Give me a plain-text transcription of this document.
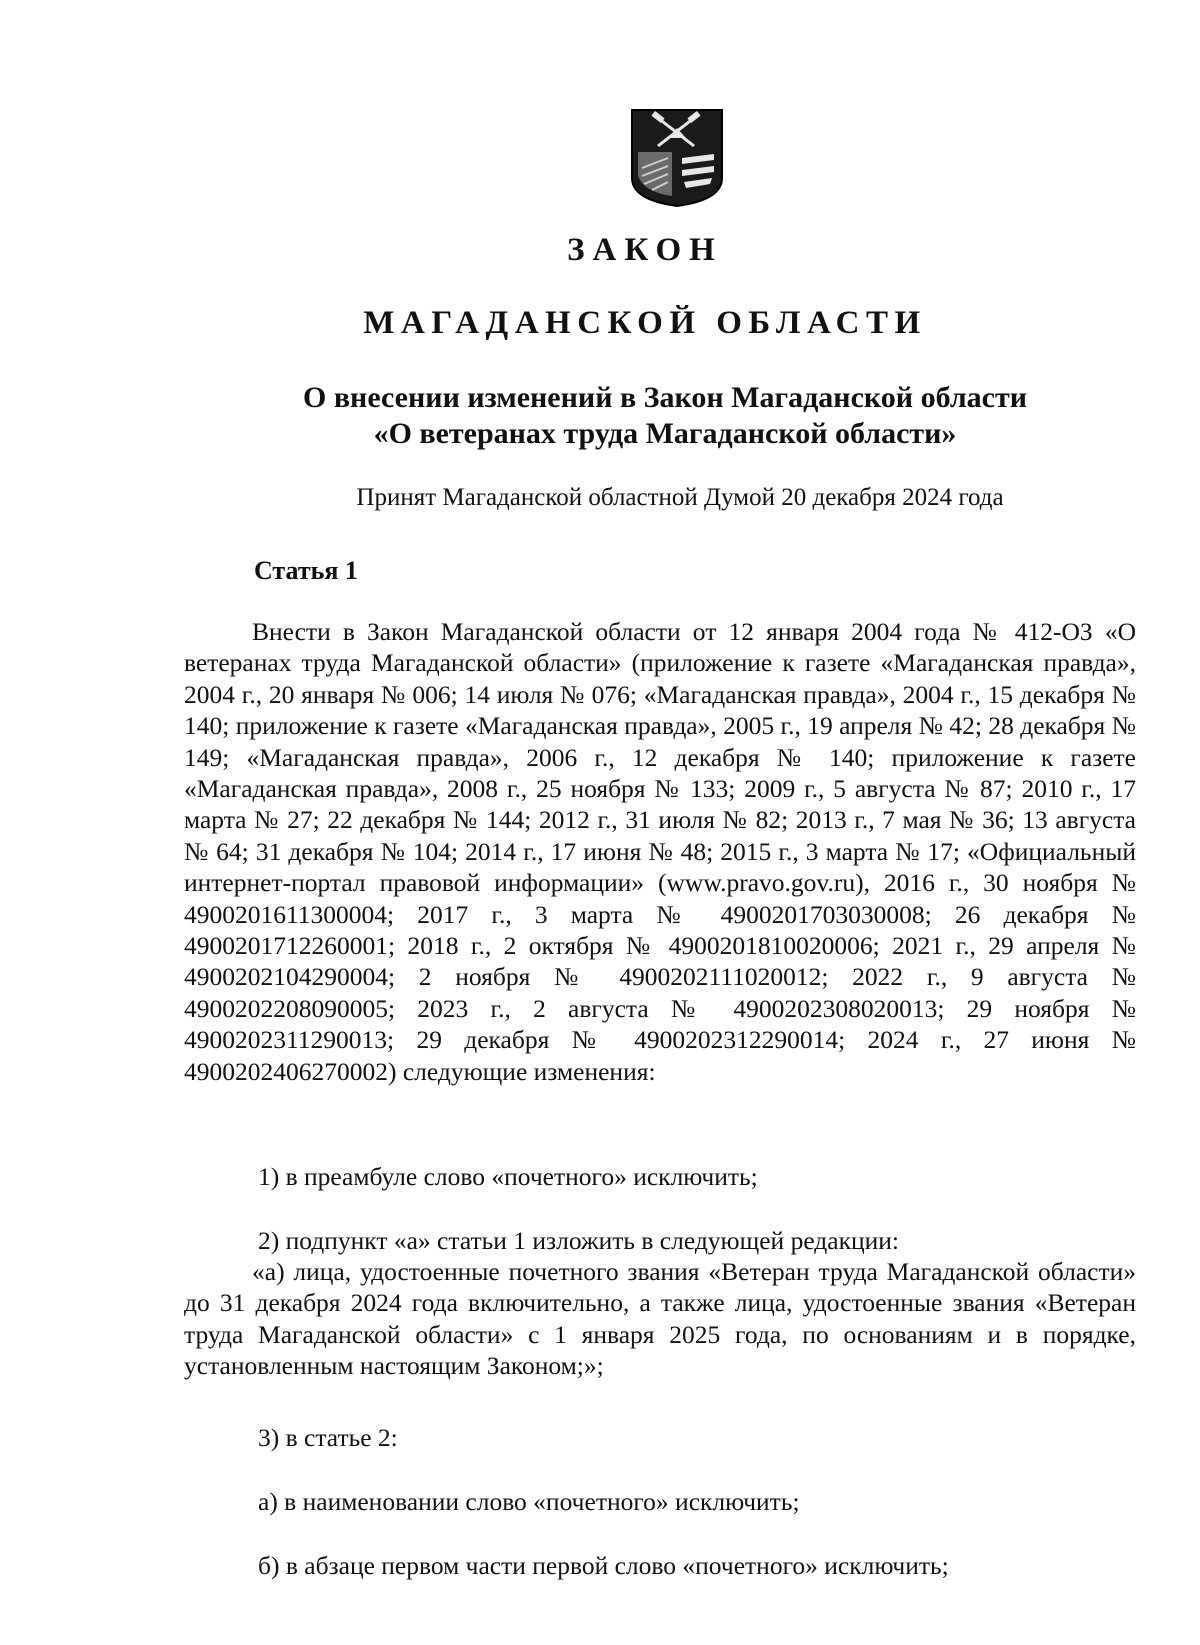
ЗАКОН
МАГАДАНСКОЙ ОБЛАСТИ
О внесении изменений в Закон Магаданской области
«О ветеранах труда Магаданской области»
Принят Магаданской областной Думой 20 декабря 2024 года
Статья 1
Внести в Закон Магаданской области от 12 января 2004 года № 412-ОЗ «О ветеранах труда Магаданской области» (приложение к газете «Магаданская правда», 2004 г., 20 января № 006; 14 июля № 076; «Магаданская правда», 2004 г., 15 декабря № 140; приложение к газете «Магаданская правда», 2005 г., 19 апреля № 42; 28 декабря № 149; «Магаданская правда», 2006 г., 12 декабря № 140; приложение к газете «Магаданская правда», 2008 г., 25 ноября № 133; 2009 г., 5 августа № 87; 2010 г., 17 марта № 27; 22 декабря № 144; 2012 г., 31 июля № 82; 2013 г., 7 мая № 36; 13 августа № 64; 31 декабря № 104; 2014 г., 17 июня № 48; 2015 г., 3 марта № 17; «Официальный интернет-портал правовой информации» (www.pravo.gov.ru), 2016 г., 30 ноября № 4900201611300004; 2017 г., 3 марта № 4900201703030008; 26 декабря № 4900201712260001; 2018 г., 2 октября № 4900201810020006; 2021 г., 29 апреля № 4900202104290004; 2 ноября № 4900202111020012; 2022 г., 9 августа № 4900202208090005; 2023 г., 2 августа № 4900202308020013; 29 ноября № 4900202311290013; 29 декабря № 4900202312290014; 2024 г., 27 июня № 4900202406270002) следующие изменения:
1) в преамбуле слово «почетного» исключить;
2) подпункт «а» статьи 1 изложить в следующей редакции:
«а) лица, удостоенные почетного звания «Ветеран труда Магаданской области» до 31 декабря 2024 года включительно, а также лица, удостоенные звания «Ветеран труда Магаданской области» с 1 января 2025 года, по основаниям и в порядке, установленным настоящим Законом;»;
3) в статье 2:
а) в наименовании слово «почетного» исключить;
б) в абзаце первом части первой слово «почетного» исключить;
